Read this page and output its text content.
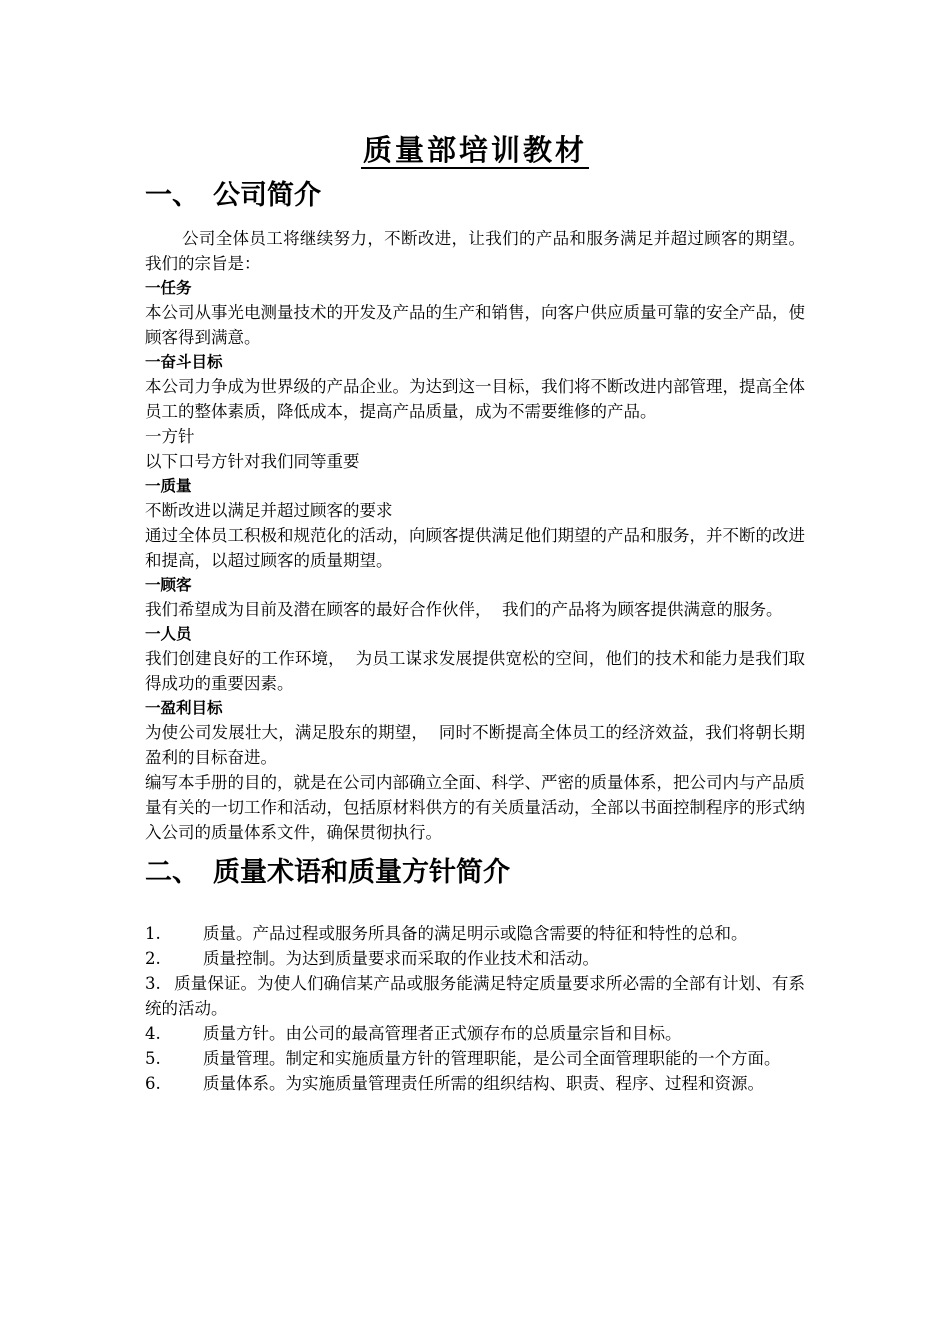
质量部培训教材
一、 公司简介

公司全体员工将继续努力，不断改进，让我们的产品和服务满足并超过顾客的期望。我们的宗旨是：

一任务

本公司从事光电测量技术的开发及产品的生产和销售，向客户供应质量可靠的安全产品，使顾客得到满意。

一奋斗目标

本公司力争成为世界级的产品企业。为达到这一目标，我们将不断改进内部管理，提高全体员工的整体素质，降低成本，提高产品质量，成为不需要维修的产品。

一方针

以下口号方针对我们同等重要

一质量

不断改进以满足并超过顾客的要求

通过全体员工积极和规范化的活动，向顾客提供满足他们期望的产品和服务，并不断的改进和提高，以超过顾客的质量期望。

一顾客

我们希望成为目前及潜在顾客的最好合作伙伴，  我们的产品将为顾客提供满意的服务。

一人员

我们创建良好的工作环境，  为员工谋求发展提供宽松的空间，他们的技术和能力是我们取得成功的重要因素。

一盈利目标

为使公司发展壮大，满足股东的期望，  同时不断提高全体员工的经济效益，我们将朝长期盈利的目标奋进。

编写本手册的目的，就是在公司内部确立全面、科学、严密的质量体系，把公司内与产品质量有关的一切工作和活动，包括原材料供方的有关质量活动，全部以书面控制程序的形式纳入公司的质量体系文件，确保贯彻执行。

二、 质量术语和质量方针简介

1.	质量。产品过程或服务所具备的满足明示或隐含需要的特征和特性的总和。

2.	质量控制。为达到质量要求而采取的作业技术和活动。

3. 质量保证。为使人们确信某产品或服务能满足特定质量要求所必需的全部有计划、有系统的活动。

4.	质量方针。由公司的最高管理者正式颁存布的总质量宗旨和目标。

5.	质量管理。制定和实施质量方针的管理职能，是公司全面管理职能的一个方面。

6.	质量体系。为实施质量管理责任所需的组织结构、职责、程序、过程和资源。
